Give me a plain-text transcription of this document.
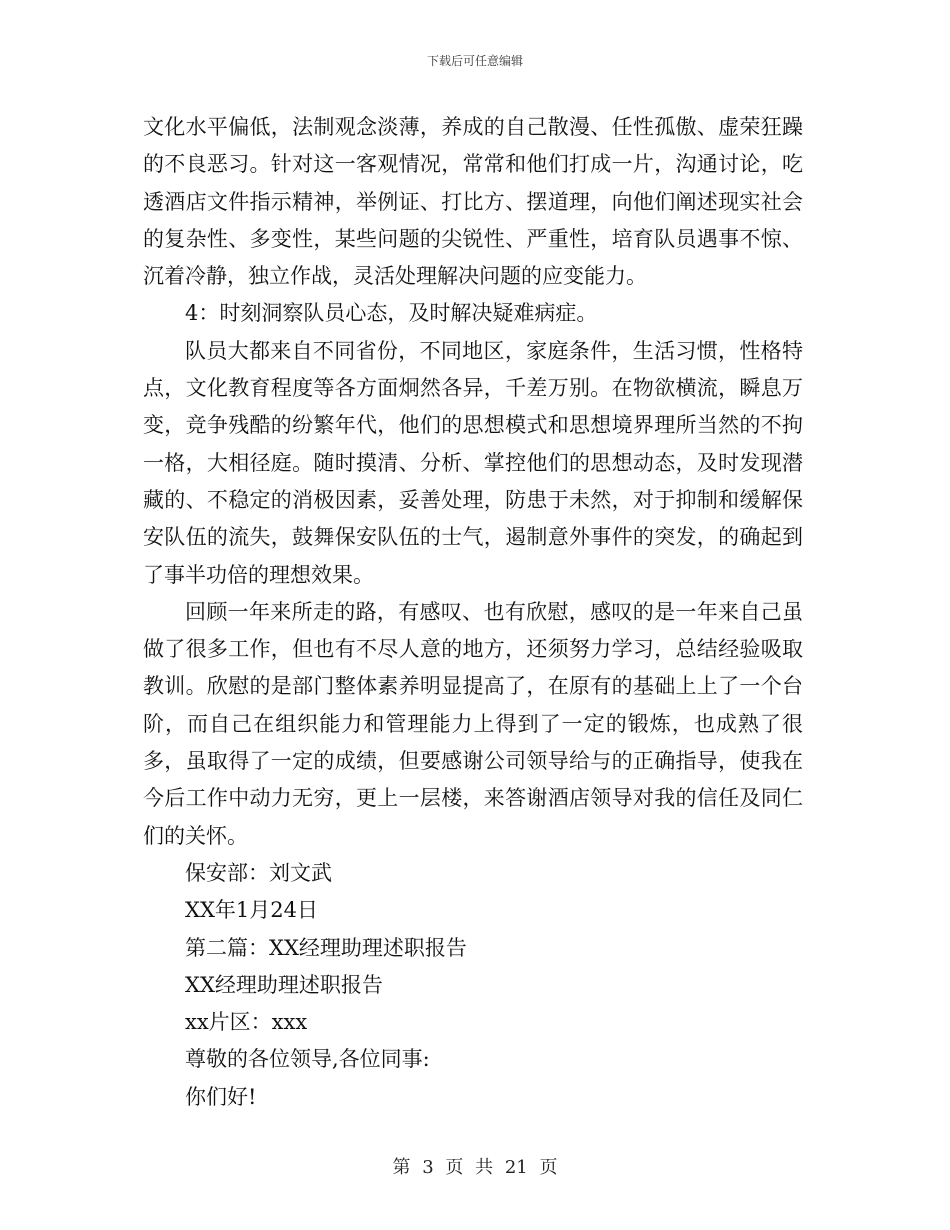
下载后可任意编辑

文化水平偏低，法制观念淡薄，养成的自己散漫、任性孤傲、虚荣狂躁的不良恶习。针对这一客观情况，常常和他们打成一片，沟通讨论，吃透酒店文件指示精神，举例证、打比方、摆道理，向他们阐述现实社会的复杂性、多变性，某些问题的尖锐性、严重性，培育队员遇事不惊、沉着冷静，独立作战，灵活处理解决问题的应变能力。

4：时刻洞察队员心态，及时解决疑难病症。

队员大都来自不同省份，不同地区，家庭条件，生活习惯，性格特点，文化教育程度等各方面炯然各异，千差万别。在物欲横流，瞬息万变，竞争残酷的纷繁年代，他们的思想模式和思想境界理所当然的不拘一格，大相径庭。随时摸清、分析、掌控他们的思想动态，及时发现潜藏的、不稳定的消极因素，妥善处理，防患于未然，对于抑制和缓解保安队伍的流失，鼓舞保安队伍的士气，遏制意外事件的突发，的确起到了事半功倍的理想效果。

回顾一年来所走的路，有感叹、也有欣慰，感叹的是一年来自己虽做了很多工作，但也有不尽人意的地方，还须努力学习，总结经验吸取教训。欣慰的是部门整体素养明显提高了，在原有的基础上上了一个台阶，而自己在组织能力和管理能力上得到了一定的锻炼，也成熟了很多，虽取得了一定的成绩，但要感谢公司领导给与的正确指导，使我在今后工作中动力无穷，更上一层楼，来答谢酒店领导对我的信任及同仁们的关怀。

保安部：刘文武

XX年1月24日

第二篇：XX经理助理述职报告

XX经理助理述职报告

xx片区：xxx

尊敬的各位领导,各位同事:

你们好!

第 3 页 共 21 页
